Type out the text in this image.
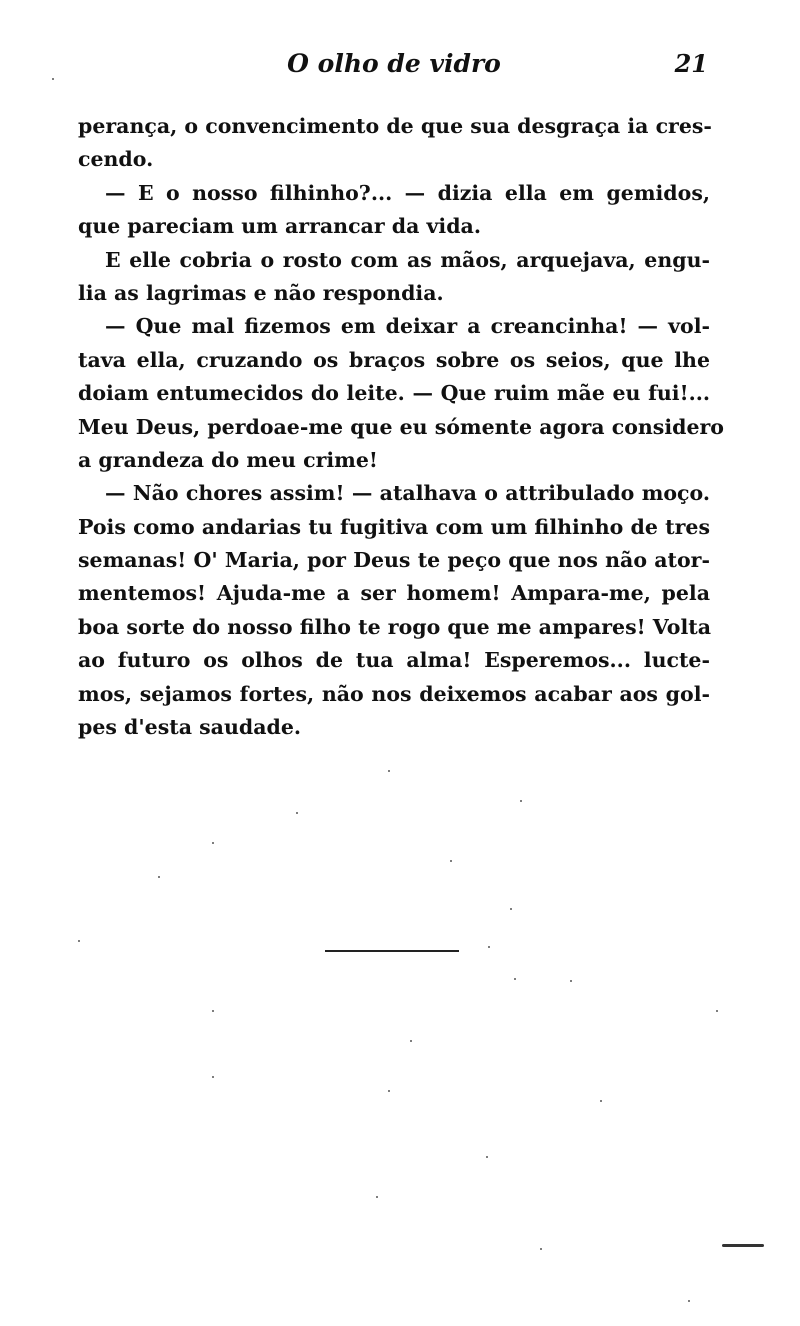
O olho de vidro	21
perança, o convencimento de que sua desgraça ia cres-
cendo.
— E o nosso filhinho?... — dizia ella em gemidos,
que pareciam um arrancar da vida.
E elle cobria o rosto com as mãos, arquejava, engu-
lia as lagrimas e não respondia.
— Que mal fizemos em deixar a creancinha! — vol-
tava ella, cruzando os braços sobre os seios, que lhe
doiam entumecidos do leite. — Que ruim mãe eu fui!...
Meu Deus, perdoae-me que eu sómente agora considero
a grandeza do meu crime!
— Não chores assim! — atalhava o attribulado moço.
Pois como andarias tu fugitiva com um filhinho de tres
semanas! O' Maria, por Deus te peço que nos não ator-
mentemos! Ajuda-me a ser homem! Ampara-me, pela
boa sorte do nosso filho te rogo que me ampares! Volta
ao futuro os olhos de tua alma! Esperemos... lucte-
mos, sejamos fortes, não nos deixemos acabar aos gol-
pes d'esta saudade.
